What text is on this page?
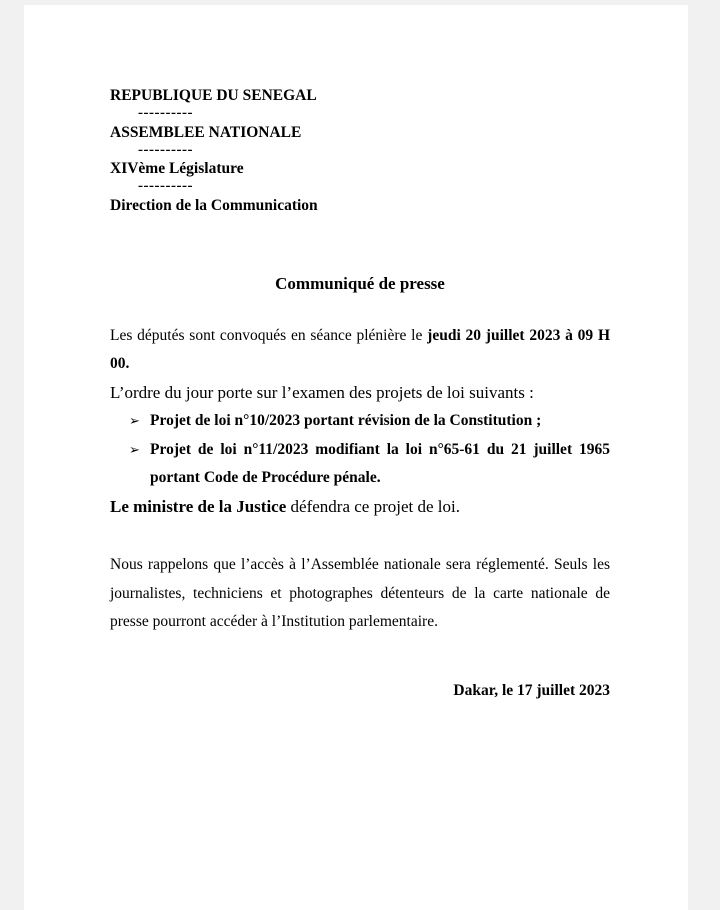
REPUBLIQUE DU SENEGAL

----------

ASSEMBLEE NATIONALE

----------

XIVème Législature

----------

Direction de la Communication

Communiqué de presse

Les députés sont convoqués en séance plénière le jeudi 20 juillet 2023 à 09 H 00.

L’ordre du jour porte sur l’examen des projets de loi suivants :

➢ Projet de loi n°10/2023 portant révision de la Constitution ;
➢ Projet de loi n°11/2023 modifiant la loi n°65-61 du 21 juillet 1965 portant Code de Procédure pénale.

Le ministre de la Justice défendra ce projet de loi.

Nous rappelons que l’accès à l’Assemblée nationale sera réglementé. Seuls les journalistes, techniciens et photographes détenteurs de la carte nationale de presse pourront accéder à l’Institution parlementaire.

Dakar, le 17 juillet 2023
